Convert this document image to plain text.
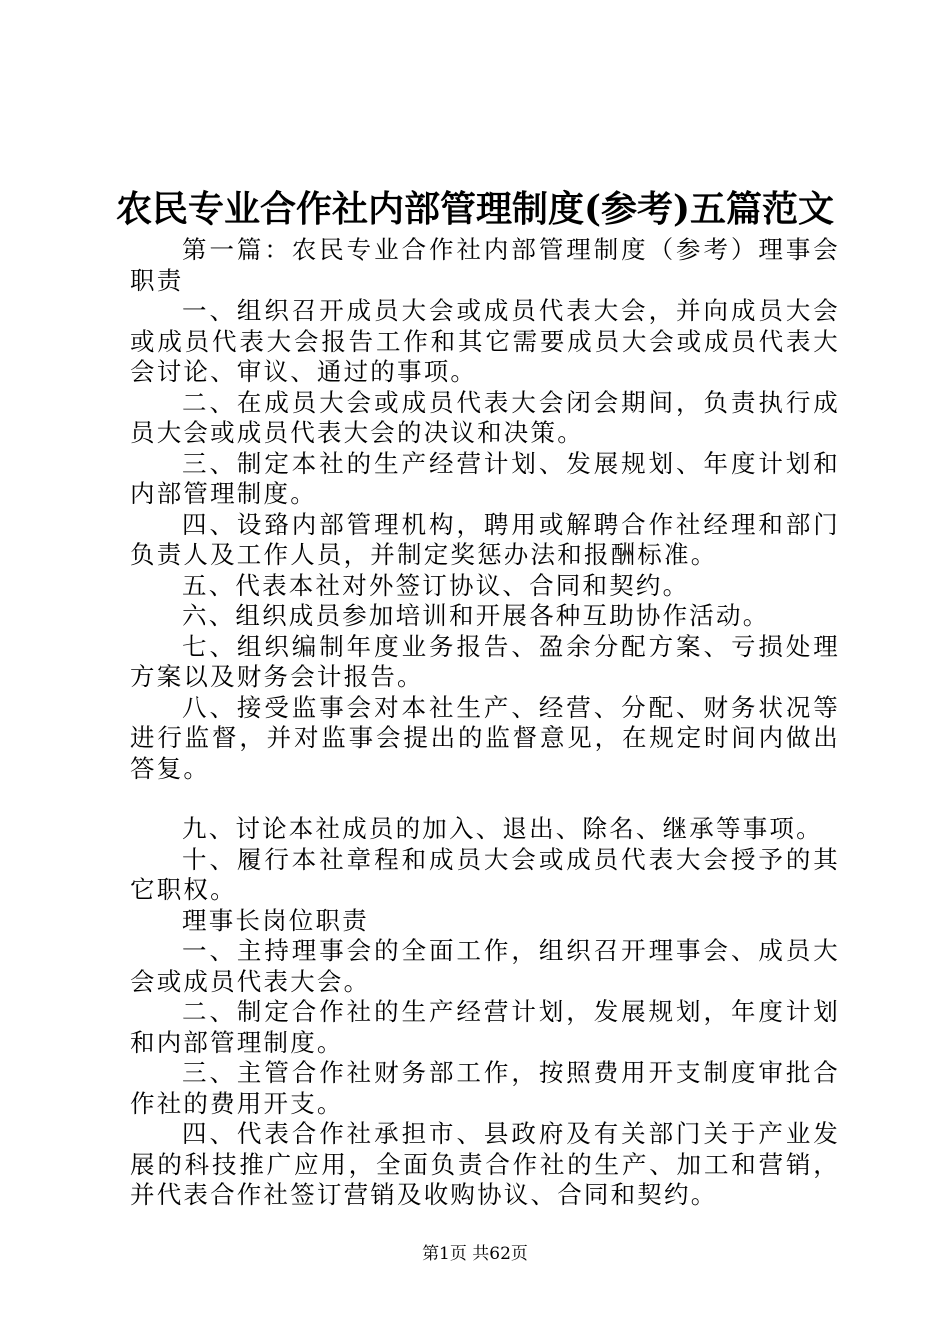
农民专业合作社内部管理制度(参考)五篇范文

第一篇：农民专业合作社内部管理制度（参考）理事会职责

一、组织召开成员大会或成员代表大会，并向成员大会或成员代表大会报告工作和其它需要成员大会或成员代表大会讨论、审议、通过的事项。

二、在成员大会或成员代表大会闭会期间，负责执行成员大会或成员代表大会的决议和决策。

三、制定本社的生产经营计划、发展规划、年度计划和内部管理制度。

四、设臵内部管理机构，聘用或解聘合作社经理和部门负责人及工作人员，并制定奖惩办法和报酬标准。

五、代表本社对外签订协议、合同和契约。

六、组织成员参加培训和开展各种互助协作活动。

七、组织编制年度业务报告、盈余分配方案、亏损处理方案以及财务会计报告。

八、接受监事会对本社生产、经营、分配、财务状况等进行监督，并对监事会提出的监督意见，在规定时间内做出答复。

九、讨论本社成员的加入、退出、除名、继承等事项。

十、履行本社章程和成员大会或成员代表大会授予的其它职权。

理事长岗位职责

一、主持理事会的全面工作，组织召开理事会、成员大会或成员代表大会。

二、制定合作社的生产经营计划，发展规划，年度计划和内部管理制度。

三、主管合作社财务部工作，按照费用开支制度审批合作社的费用开支。

四、代表合作社承担市、县政府及有关部门关于产业发展的科技推广应用，全面负责合作社的生产、加工和营销，并代表合作社签订营销及收购协议、合同和契约。

第1页 共62页
